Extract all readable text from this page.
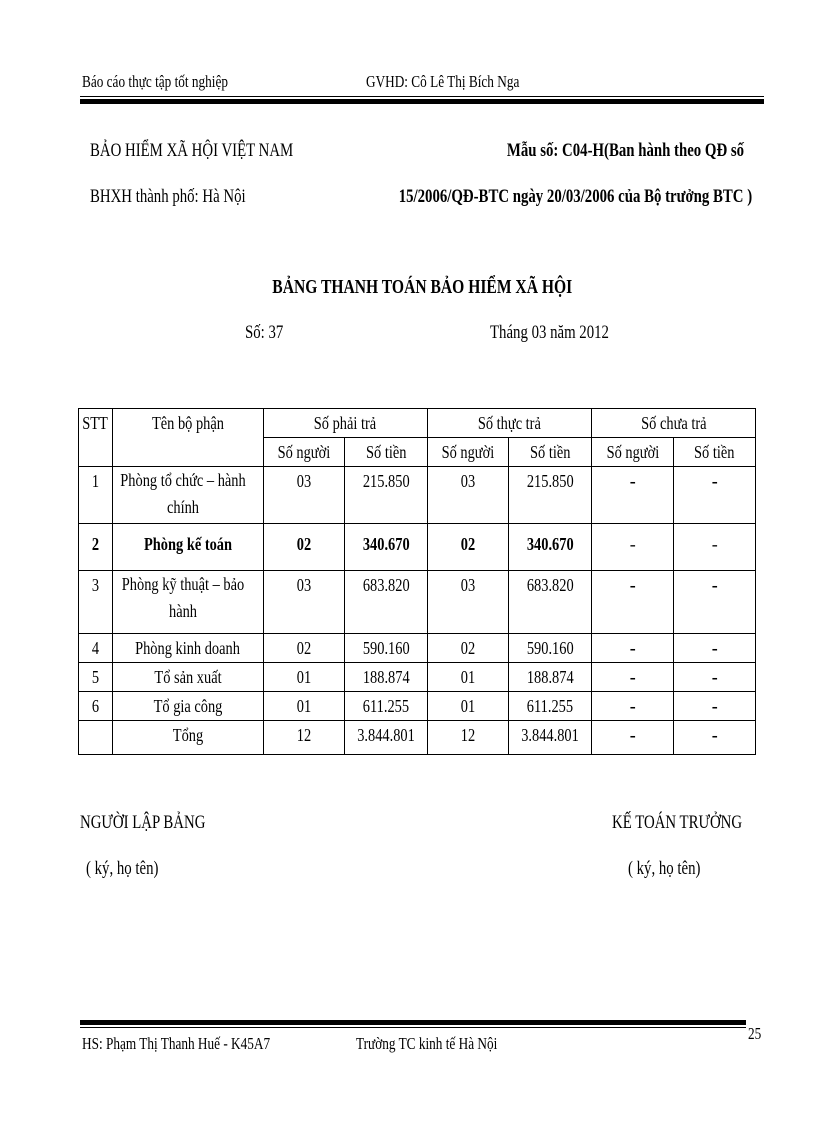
Báo cáo thực tập tốt nghiệp	GVHD: Cô Lê Thị Bích Nga
BẢO HIỂM XÃ HỘI VIỆT NAM
BHXH thành phố: Hà Nội
Mẫu số: C04-H(Ban hành theo QĐ số
15/2006/QĐ-BTC ngày 20/03/2006 của Bộ trưởng BTC )
BẢNG THANH TOÁN BẢO HIỂM XÃ HỘI
Số: 37	Tháng 03 năm 2012
STT	Tên bộ phận	Số phải trả		Số thực trả		Số chưa trả	
		Số người	Số tiền	Số người	Số tiền	Số người	Số tiền
1	Phòng tổ chức – hành chính	03	215.850	03	215.850	-	-
2	Phòng kế toán	02	340.670	02	340.670	-	-
3	Phòng kỹ thuật – bảo hành	03	683.820	03	683.820	-	-
4	Phòng kinh doanh	02	590.160	02	590.160	-	-
5	Tổ sản xuất	01	188.874	01	188.874	-	-
6	Tổ gia công	01	611.255	01	611.255	-	-
	Tổng	12	3.844.801	12	3.844.801	-	-
NGƯỜI LẬP BẢNG
( ký, họ tên)
KẾ TOÁN TRƯỞNG
( ký, họ tên)
HS: Phạm Thị Thanh Huế - K45A7	Trường TC kinh tế Hà Nội
25
